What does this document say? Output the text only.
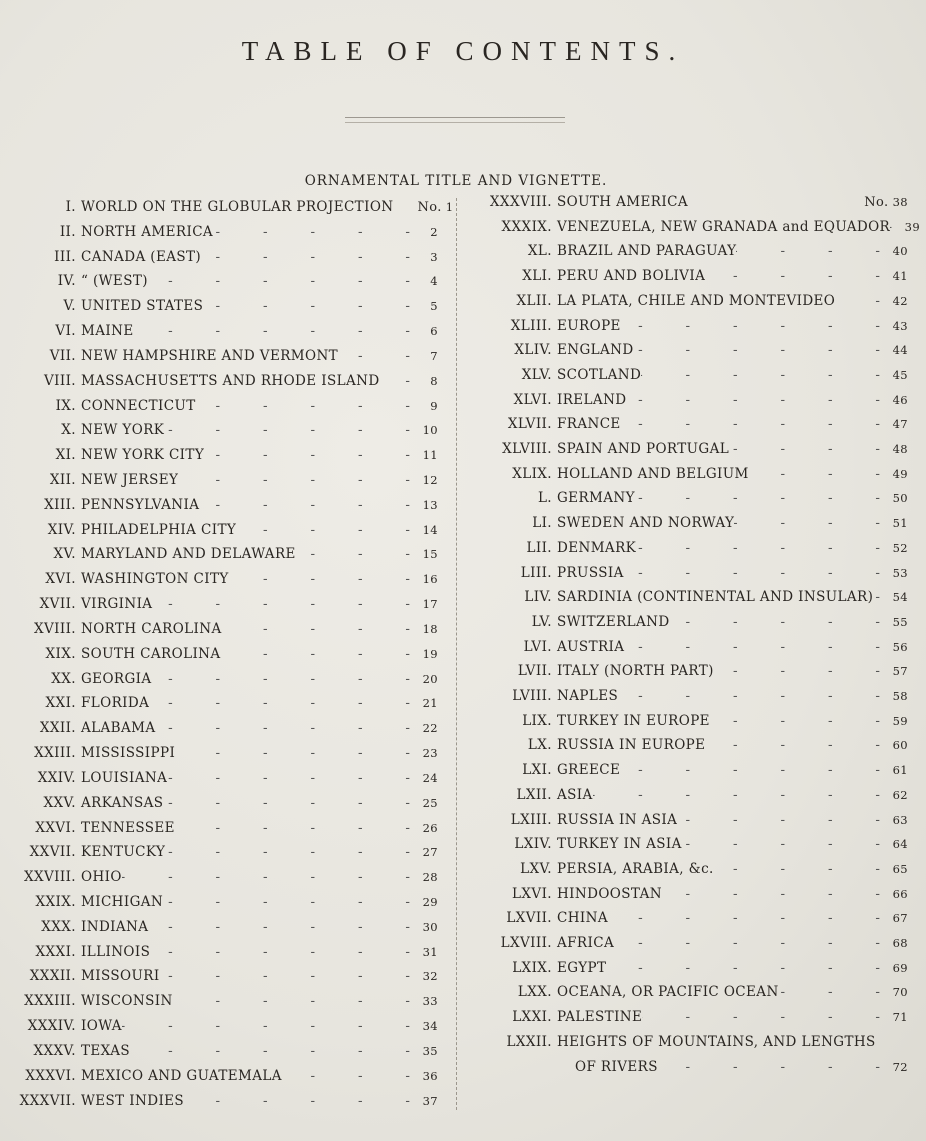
TABLE OF CONTENTS.
ORNAMENTAL TITLE AND VIGNETTE.
I. WORLD ON THE GLOBULAR PROJECTION	No. 1
II. NORTH AMERICA -	2
III. CANADA (EAST) -	3
IV. “ (WEST) -	4
V. UNITED STATES -	5
VI. MAINE -	6
VII. NEW HAMPSHIRE AND VERMONT -	7
VIII. MASSACHUSETTS AND RHODE ISLAND -	8
IX. CONNECTICUT -	9
X. NEW YORK -	10
XI. NEW YORK CITY -	11
XII. NEW JERSEY -	12
XIII. PENNSYLVANIA -	13
XIV. PHILADELPHIA CITY -	14
XV. MARYLAND AND DELAWARE -	15
XVI. WASHINGTON CITY -	16
XVII. VIRGINIA -	17
XVIII. NORTH CAROLINA -	18
XIX. SOUTH CAROLINA -	19
XX. GEORGIA -	20
XXI. FLORIDA -	21
XXII. ALABAMA -	22
XXIII. MISSISSIPPI -	23
XXIV. LOUISIANA -	24
XXV. ARKANSAS -	25
XXVI. TENNESSEE -	26
XXVII. KENTUCKY -	27
XXVIII. OHIO -	28
XXIX. MICHIGAN -	29
XXX. INDIANA -	30
XXXI. ILLINOIS -	31
XXXII. MISSOURI -	32
XXXIII. WISCONSIN -	33
XXXIV. IOWA -	34
XXXV. TEXAS -	35
XXXVI. MEXICO AND GUATEMALA -	36
XXXVII. WEST INDIES -	37
XXXVIII. SOUTH AMERICA	No. 38
XXXIX. VENEZUELA, NEW GRANADA and EQUADOR -	39
XL. BRAZIL AND PARAGUAY -	40
XLI. PERU AND BOLIVIA -	41
XLII. LA PLATA, CHILE AND MONTEVIDEO -	42
XLIII. EUROPE -	43
XLIV. ENGLAND -	44
XLV. SCOTLAND -	45
XLVI. IRELAND -	46
XLVII. FRANCE -	47
XLVIII. SPAIN AND PORTUGAL -	48
XLIX. HOLLAND AND BELGIUM -	49
L. GERMANY -	50
LI. SWEDEN AND NORWAY -	51
LII. DENMARK -	52
LIII. PRUSSIA -	53
LIV. SARDINIA (CONTINENTAL AND INSULAR) -	54
LV. SWITZERLAND -	55
LVI. AUSTRIA -	56
LVII. ITALY (NORTH PART) -	57
LVIII. NAPLES -	58
LIX. TURKEY IN EUROPE -	59
LX. RUSSIA IN EUROPE -	60
LXI. GREECE -	61
LXII. ASIA -	62
LXIII. RUSSIA IN ASIA -	63
LXIV. TURKEY IN ASIA -	64
LXV. PERSIA, ARABIA, &c. -	65
LXVI. HINDOOSTAN -	66
LXVII. CHINA -	67
LXVIII. AFRICA -	68
LXIX. EGYPT -	69
LXX. OCEANA, OR PACIFIC OCEAN -	70
LXXI. PALESTINE -	71
LXXII. HEIGHTS OF MOUNTAINS, AND LENGTHS
OF RIVERS -	72
